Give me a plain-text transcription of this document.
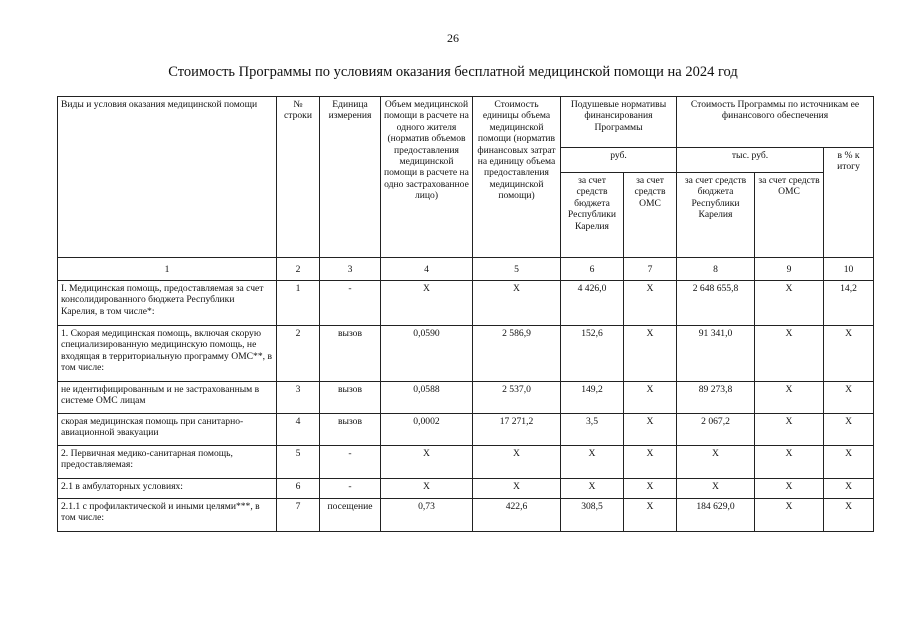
26
Стоимость Программы по условиям оказания бесплатной медицинской помощи на 2024 год
Виды и условия оказания медицинской помощи	№ строки	Единица измерения	Объем медицинской помощи в расчете на одного жителя (норматив объемов предоставления медицинской помощи в расчете на одно застрахованное лицо)	Стоимость единицы объема медицинской помощи (норматив финансовых затрат на единицу объема предоставления медицинской помощи)	Подушевые нормативы финансирования Программы		Стоимость Программы по источникам ее финансового обеспечения		
					руб.		тыс. руб.		в % к итогу
					за счет средств бюджета Республики Карелия	за счет средств ОМС	за счет средств бюджета Республики Карелия	за счет средств ОМС	
1	2	3	4	5	6	7	8	9	10
I. Медицинская помощь, предоставляемая за счет консолидированного бюджета Республики Карелия, в том числе*:	1	-	Х	Х	4 426,0	Х	2 648 655,8	Х	14,2
1. Скорая медицинская помощь, включая скорую специализированную медицинскую помощь, не входящая в территориальную программу ОМС**, в том числе:	2	вызов	0,0590	2 586,9	152,6	Х	91 341,0	Х	Х
не идентифицированным и не застрахованным в системе ОМС лицам	3	вызов	0,0588	2 537,0	149,2	Х	89 273,8	Х	Х
скорая медицинская помощь при санитарно-авиационной эвакуации	4	вызов	0,0002	17 271,2	3,5	Х	2 067,2	Х	Х
2. Первичная медико-санитарная помощь, предоставляемая:	5	-	Х	Х	Х	Х	Х	Х	Х
2.1 в амбулаторных условиях:	6	-	Х	Х	Х	Х	Х	Х	Х
2.1.1 с профилактической и иными целями***, в том числе:	7	посещение	0,73	422,6	308,5	Х	184 629,0	Х	Х
